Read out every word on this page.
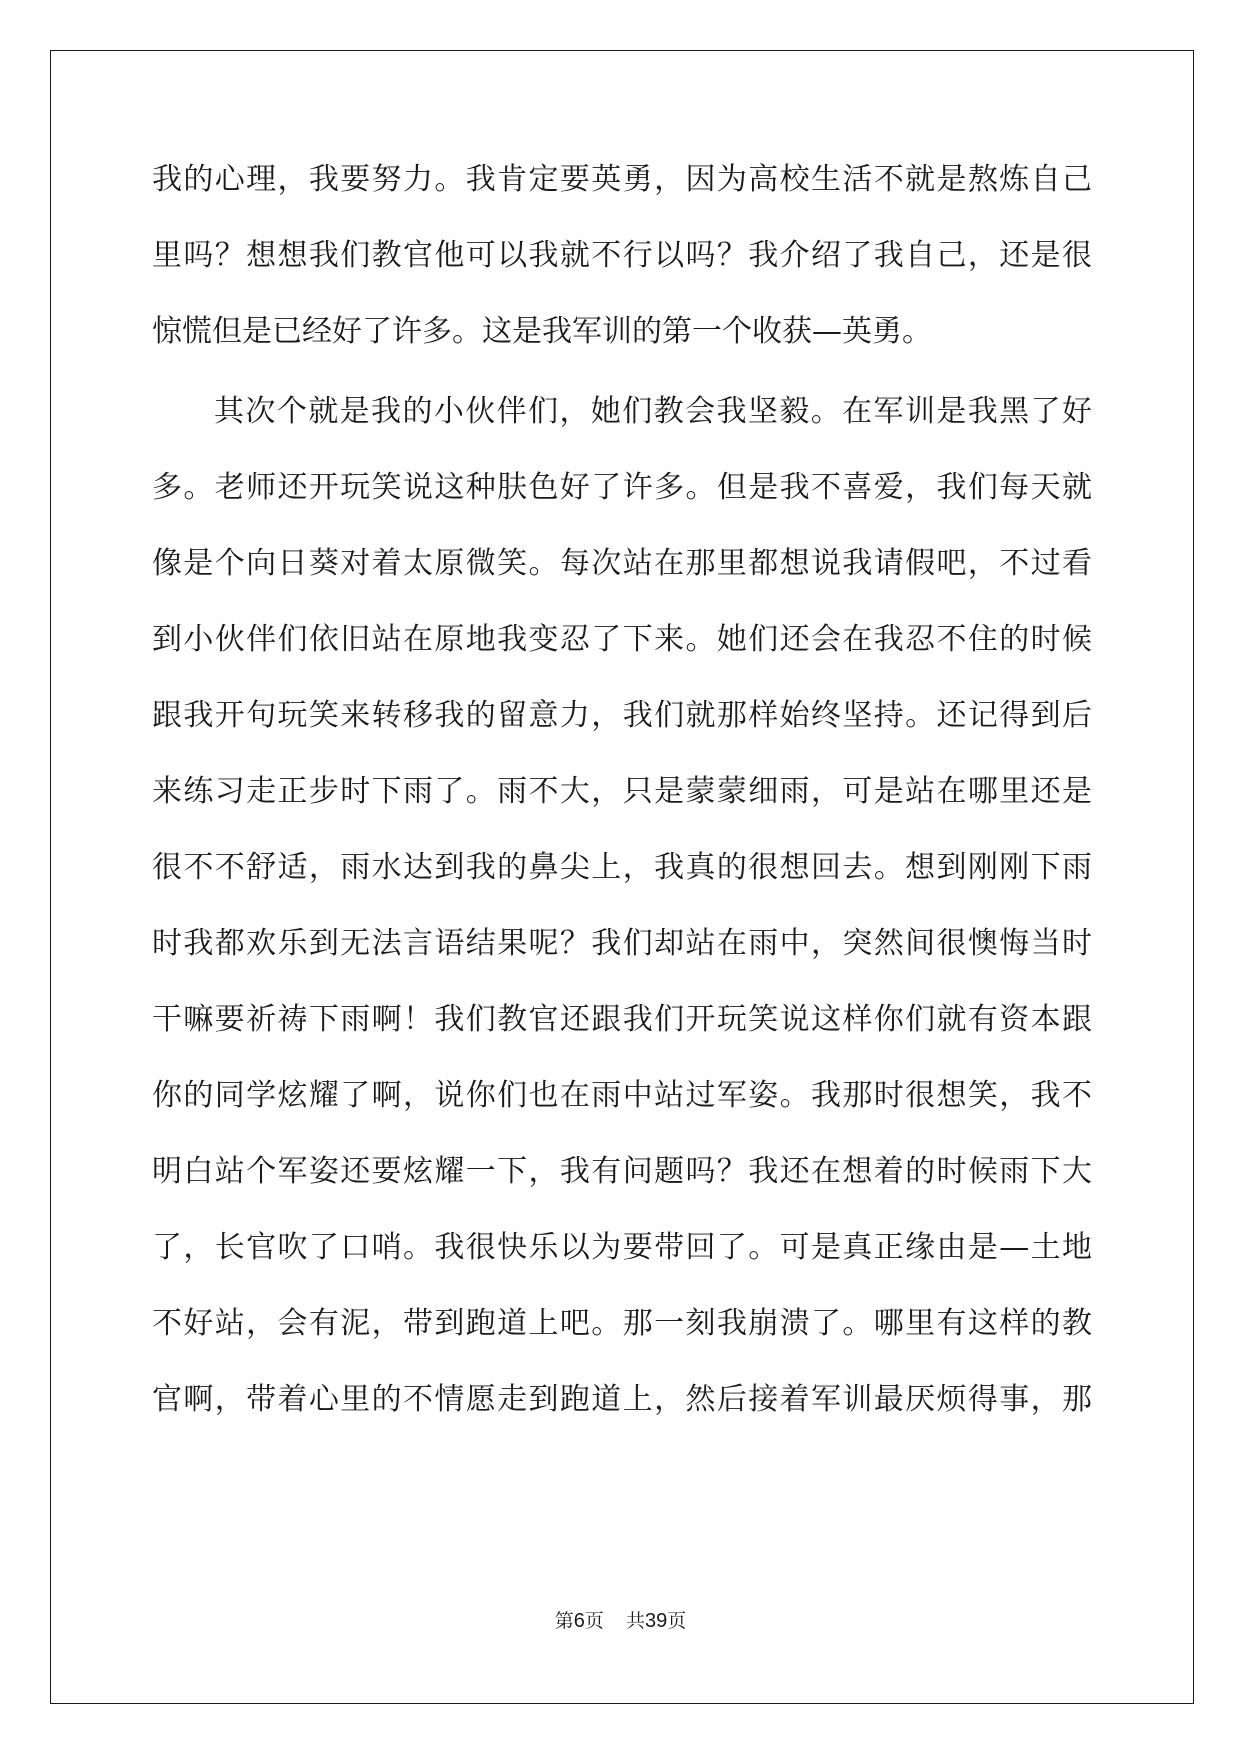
我的心理，我要努力。我肯定要英勇，因为高校生活不就是熬炼自己
里吗？想想我们教官他可以我就不行以吗？我介绍了我自己，还是很
惊慌但是已经好了许多。这是我军训的第一个收获—英勇。
其次个就是我的小伙伴们，她们教会我坚毅。在军训是我黑了好
多。老师还开玩笑说这种肤色好了许多。但是我不喜爱，我们每天就
像是个向日葵对着太原微笑。每次站在那里都想说我请假吧，不过看
到小伙伴们依旧站在原地我变忍了下来。她们还会在我忍不住的时候
跟我开句玩笑来转移我的留意力，我们就那样始终坚持。还记得到后
来练习走正步时下雨了。雨不大，只是蒙蒙细雨，可是站在哪里还是
很不不舒适，雨水达到我的鼻尖上，我真的很想回去。想到刚刚下雨
时我都欢乐到无法言语结果呢？我们却站在雨中，突然间很懊悔当时
干嘛要祈祷下雨啊！我们教官还跟我们开玩笑说这样你们就有资本跟
你的同学炫耀了啊，说你们也在雨中站过军姿。我那时很想笑，我不
明白站个军姿还要炫耀一下，我有问题吗？我还在想着的时候雨下大
了，长官吹了口哨。我很快乐以为要带回了。可是真正缘由是—土地
不好站，会有泥，带到跑道上吧。那一刻我崩溃了。哪里有这样的教
官啊，带着心里的不情愿走到跑道上，然后接着军训最厌烦得事，那
第6页 共39页
